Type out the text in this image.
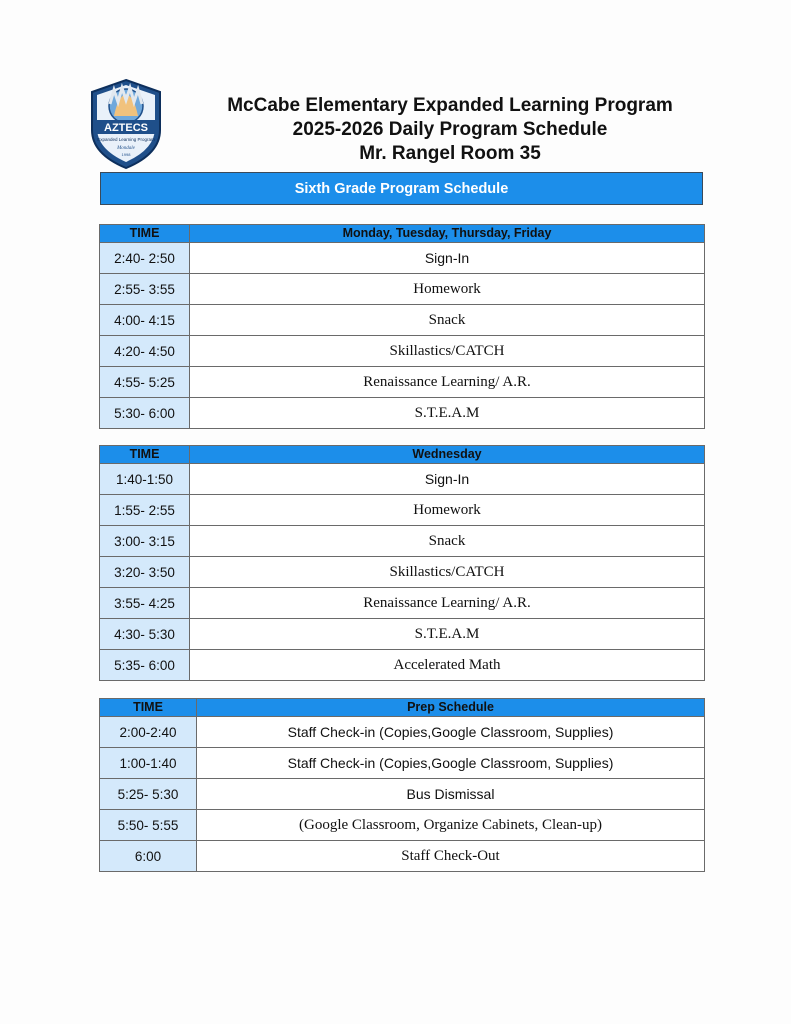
AZTECS
Expanded Learning Program
Mondale
1998
McCabe Elementary Expanded Learning Program
2025-2026 Daily Program Schedule
Mr. Rangel Room 35
Sixth Grade Program Schedule
TIME	Monday, Tuesday, Thursday, Friday
2:40- 2:50	Sign-In
2:55- 3:55	Homework
4:00- 4:15	Snack
4:20- 4:50	Skillastics/CATCH
4:55- 5:25	Renaissance Learning/ A.R.
5:30- 6:00	S.T.E.A.M
TIME	Wednesday
1:40-1:50	Sign-In
1:55- 2:55	Homework
3:00- 3:15	Snack
3:20- 3:50	Skillastics/CATCH
3:55- 4:25	Renaissance Learning/ A.R.
4:30- 5:30	S.T.E.A.M
5:35- 6:00	Accelerated Math
TIME	Prep Schedule
2:00-2:40	Staff Check-in (Copies,Google Classroom, Supplies)
1:00-1:40	Staff Check-in (Copies,Google Classroom, Supplies)
5:25- 5:30	Bus Dismissal
5:50- 5:55	(Google Classroom, Organize Cabinets, Clean-up)
6:00	Staff Check-Out
